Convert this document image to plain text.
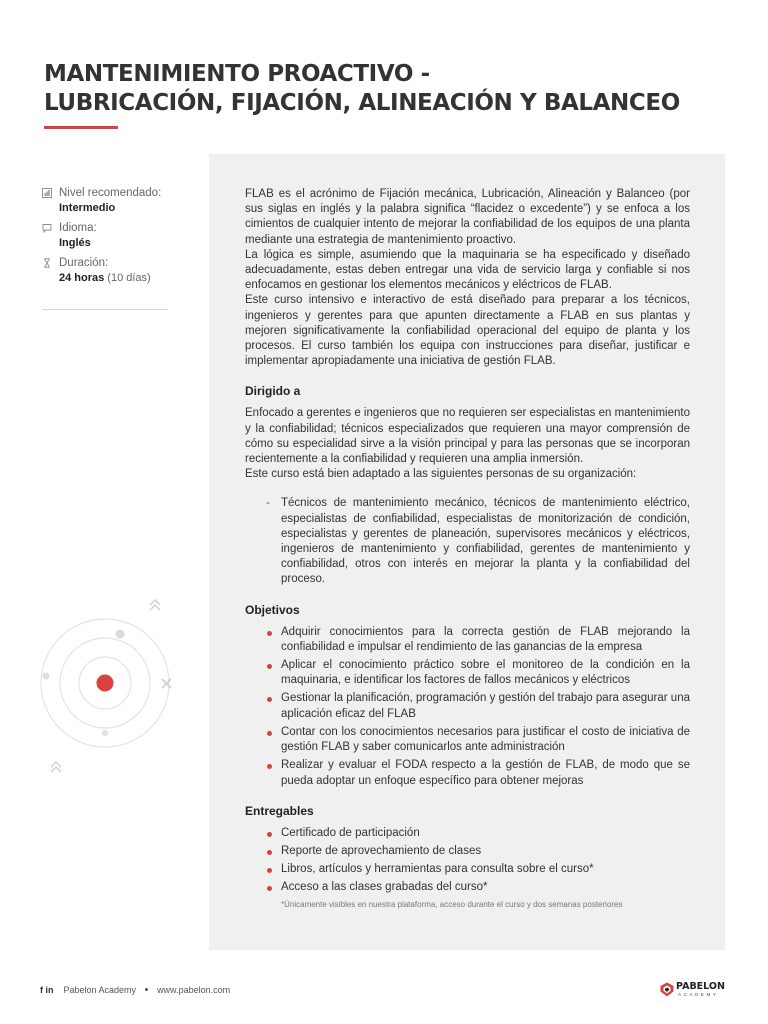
MANTENIMIENTO PROACTIVO -
LUBRICACIÓN, FIJACIÓN, ALINEACIÓN Y BALANCEO
Nivel recomendado:
Intermedio
Idioma:
Inglés
Duración:
24 horas (10 días)

FLAB es el acrónimo de Fijación mecánica, Lubricación, Alineación y Balanceo (por sus siglas en inglés y la palabra significa “flacidez o excedente”) y se enfoca a los cimientos de cualquier intento de mejorar la confiabilidad de los equipos de una planta mediante una estrategia de mantenimiento proactivo.

La lógica es simple, asumiendo que la maquinaria se ha especificado y diseñado adecuadamente, estas deben entregar una vida de servicio larga y confiable si nos enfocamos en gestionar los elementos mecánicos y eléctricos de FLAB.

Este curso intensivo e interactivo de está diseñado para preparar a los técnicos, ingenieros y gerentes para que apunten directamente a FLAB en sus plantas y mejoren significativamente la confiabilidad operacional del equipo de planta y los procesos. El curso también los equipa con instrucciones para diseñar, justificar e implementar apropiadamente una iniciativa de gestión FLAB.

Dirigido a

Enfocado a gerentes e ingenieros que no requieren ser especialistas en mantenimiento y la confiabilidad; técnicos especializados que requieren una mayor comprensión de cómo su especialidad sirve a la visión principal y para las personas que se incorporan recientemente a la confiabilidad y requieren una amplia inmersión.

Este curso está bien adaptado a las siguientes personas de su organización:

- Técnicos de mantenimiento mecánico, técnicos de mantenimiento eléctrico, especialistas de confiabilidad, especialistas de monitorización de condición, especialistas y gerentes de planeación, supervisores mecánicos y eléctricos, ingenieros de mantenimiento y confiabilidad, gerentes de mantenimiento y confiabilidad, otros con interés en mejorar la planta y la confiabilidad del proceso.
Objetivos
Adquirir conocimientos para la correcta gestión de FLAB mejorando la confiabilidad e impulsar el rendimiento de las ganancias de la empresa
Aplicar el conocimiento práctico sobre el monitoreo de la condición en la maquinaria, e identificar los factores de fallos mecánicos y eléctricos
Gestionar la planificación, programación y gestión del trabajo para asegurar una aplicación eficaz del FLAB
Contar con los conocimientos necesarios para justificar el costo de iniciativa de gestión FLAB y saber comunicarlos ante administración
Realizar y evaluar el FODA respecto a la gestión de FLAB, de modo que se pueda adoptar un enfoque específico para obtener mejoras
Entregables
Certificado de participación
Reporte de aprovechamiento de clases
Libros, artículos y herramientas para consulta sobre el curso*
Acceso a las clases grabadas del curso*

*Únicamente visibles en nuestra plataforma, acceso durante el curso y dos semanas posteriores

f in Pabelon Academy www.pabelon.com	PABELON
ACADEMY
